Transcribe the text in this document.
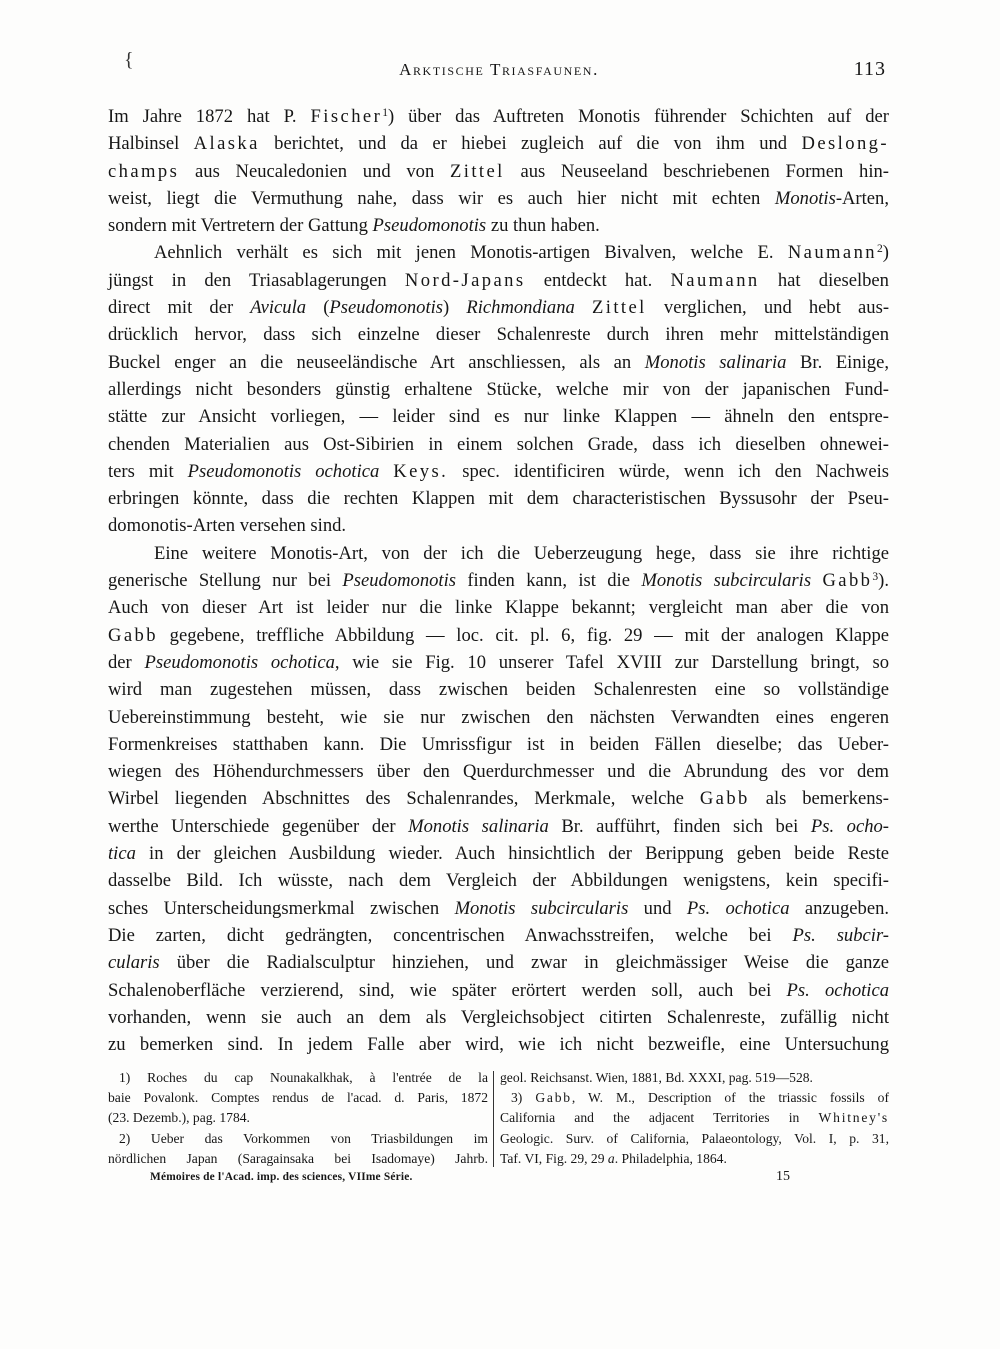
{	Arktische Triasfaunen.	113
Im Jahre 1872 hat P. Fischer$^1$) über das Auftreten Monotis führender Schichten auf der
Halbinsel Alaska berichtet, und da er hiebei zugleich auf die von ihm und Deslong-
champs aus Neucaledonien und von Zittel aus Neuseeland beschriebenen Formen hin-
weist, liegt die Vermuthung nahe, dass wir es auch hier nicht mit echten Monotis-Arten,
sondern mit Vertretern der Gattung Pseudomonotis zu thun haben.
Aehnlich verhält es sich mit jenen Monotis-artigen Bivalven, welche E. Naumann$^2$)
jüngst in den Triasablagerungen Nord-Japans entdeckt hat. Naumann hat dieselben
direct mit der Avicula (Pseudomonotis) Richmondiana Zittel verglichen, und hebt aus-
drücklich hervor, dass sich einzelne dieser Schalenreste durch ihren mehr mittelständigen
Buckel enger an die neuseeländische Art anschliessen, als an Monotis salinaria Br. Einige,
allerdings nicht besonders günstig erhaltene Stücke, welche mir von der japanischen Fund-
stätte zur Ansicht vorliegen, — leider sind es nur linke Klappen — ähneln den entspre-
chenden Materialien aus Ost-Sibirien in einem solchen Grade, dass ich dieselben ohnewei-
ters mit Pseudomonotis ochotica Keys. spec. identificiren würde, wenn ich den Nachweis
erbringen könnte, dass die rechten Klappen mit dem characteristischen Byssusohr der Pseu-
domonotis-Arten versehen sind.
Eine weitere Monotis-Art, von der ich die Ueberzeugung hege, dass sie ihre richtige
generische Stellung nur bei Pseudomonotis finden kann, ist die Monotis subcircularis Gabb$^3$).
Auch von dieser Art ist leider nur die linke Klappe bekannt; vergleicht man aber die von
Gabb gegebene, treffliche Abbildung — loc. cit. pl. 6, fig. 29 — mit der analogen Klappe
der Pseudomonotis ochotica, wie sie Fig. 10 unserer Tafel XVIII zur Darstellung bringt, so
wird man zugestehen müssen, dass zwischen beiden Schalenresten eine so vollständige
Uebereinstimmung besteht, wie sie nur zwischen den nächsten Verwandten eines engeren
Formenkreises statthaben kann. Die Umrissfigur ist in beiden Fällen dieselbe; das Ueber-
wiegen des Höhendurchmessers über den Querdurchmesser und die Abrundung des vor dem
Wirbel liegenden Abschnittes des Schalenrandes, Merkmale, welche Gabb als bemerkens-
werthe Unterschiede gegenüber der Monotis salinaria Br. aufführt, finden sich bei Ps. ocho-
tica in der gleichen Ausbildung wieder. Auch hinsichtlich der Berippung geben beide Reste
dasselbe Bild. Ich wüsste, nach dem Vergleich der Abbildungen wenigstens, kein specifi-
sches Unterscheidungsmerkmal zwischen Monotis subcircularis und Ps. ochotica anzugeben.
Die zarten, dicht gedrängten, concentrischen Anwachsstreifen, welche bei Ps. subcir-
cularis über die Radialsculptur hinziehen, und zwar in gleichmässiger Weise die ganze
Schalenoberfläche verzierend, sind, wie später erörtert werden soll, auch bei Ps. ochotica
vorhanden, wenn sie auch an dem als Vergleichsobject citirten Schalenreste, zufällig nicht
zu bemerken sind. In jedem Falle aber wird, wie ich nicht bezweifle, eine Untersuchung
1) Roches du cap Nounakalkhak, à l'entrée de la
baie Povalonk. Comptes rendus de l'acad. d. Paris, 1872
(23. Dezemb.), pag. 1784.
2) Ueber das Vorkommen von Triasbildungen im
nördlichen Japan (Saragainsaka bei Isadomaye) Jahrb.
geol. Reichsanst. Wien, 1881, Bd. XXXI, pag. 519—528.
3) Gabb, W. M., Description of the triassic fossils of
California and the adjacent Territories in Whitney's
Geologic. Surv. of California, Palaeontology, Vol. I, p. 31,
Taf. VI, Fig. 29, 29 a. Philadelphia, 1864.
Mémoires de l'Acad. imp. des sciences, VIIme Série.	15
